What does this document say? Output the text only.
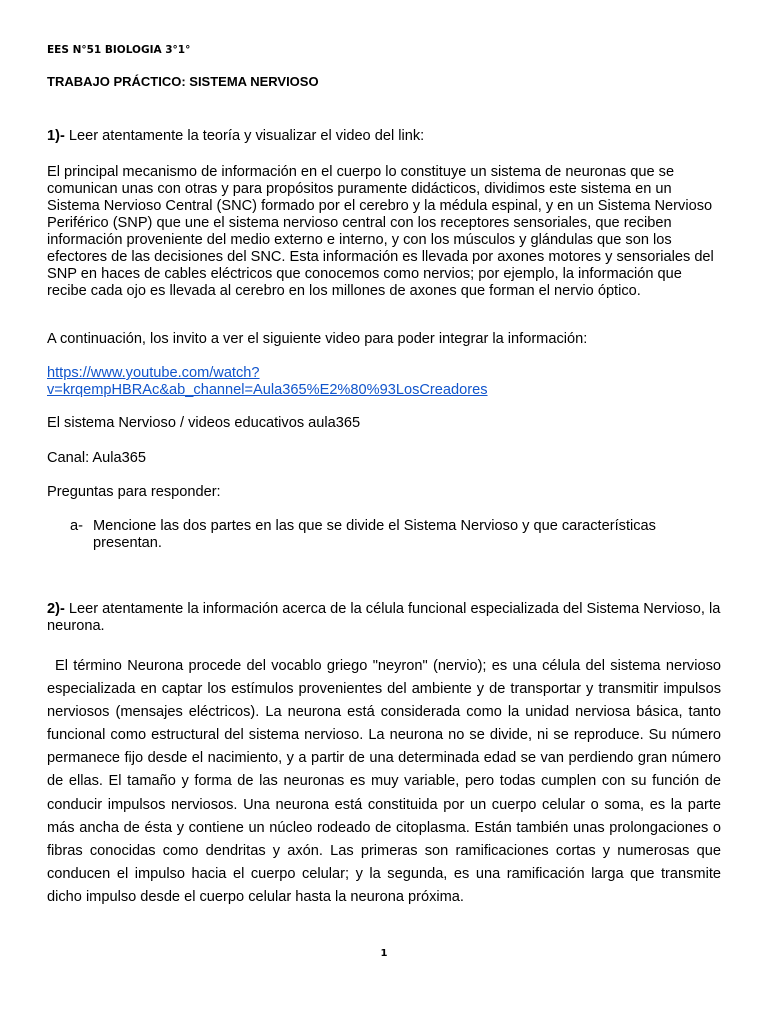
EES N°51 BIOLOGIA 3°1°
TRABAJO PRÁCTICO: SISTEMA NERVIOSO

1)- Leer atentamente la teoría y visualizar el video del link:

El principal mecanismo de información en el cuerpo lo constituye un sistema de neuronas que se comunican unas con otras y para propósitos puramente didácticos, dividimos este sistema en un Sistema Nervioso Central (SNC) formado por el cerebro y la médula espinal, y en un Sistema Nervioso Periférico (SNP) que une el sistema nervioso central con los receptores sensoriales, que reciben información proveniente del medio externo e interno, y con los músculos y glándulas que son los efectores de las decisiones del SNC. Esta información es llevada por axones motores y sensoriales del SNP en haces de cables eléctricos que conocemos como nervios; por ejemplo, la información que recibe cada ojo es llevada al cerebro en los millones de axones que forman el nervio óptico.

A continuación, los invito a ver el siguiente video para poder integrar la información:

https://www.youtube.com/watch?
v=krqempHBRAc&ab_channel=Aula365%E2%80%93LosCreadores

El sistema Nervioso / videos educativos aula365

Canal: Aula365

Preguntas para responder:

a- Mencione las dos partes en las que se divide el Sistema Nervioso y que características presentan.

2)- Leer atentamente la información acerca de la célula funcional especializada del Sistema Nervioso, la neurona.

El término Neurona procede del vocablo griego "neyron" (nervio); es una célula del sistema nervioso especializada en captar los estímulos provenientes del ambiente y de transportar y transmitir impulsos nerviosos (mensajes eléctricos). La neurona está considerada como la unidad nerviosa básica, tanto funcional como estructural del sistema nervioso. La neurona no se divide, ni se reproduce. Su número permanece fijo desde el nacimiento, y a partir de una determinada edad se van perdiendo gran número de ellas. El tamaño y forma de las neuronas es muy variable, pero todas cumplen con su función de conducir impulsos nerviosos. Una neurona está constituida por un cuerpo celular o soma, es la parte más ancha de ésta y contiene un núcleo rodeado de citoplasma. Están también unas prolongaciones o fibras conocidas como dendritas y axón. Las primeras son ramificaciones cortas y numerosas que conducen el impulso hacia el cuerpo celular; y la segunda, es una ramificación larga que transmite dicho impulso desde el cuerpo celular hasta la neurona próxima.

1
